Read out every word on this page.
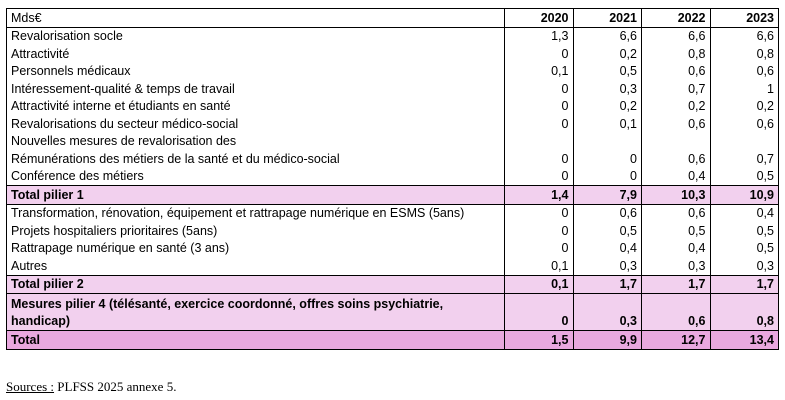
Mds€	2020	2021	2022	2023
Revalorisation socle	1,3	6,6	6,6	6,6
Attractivité	0	0,2	0,8	0,8
Personnels médicaux	0,1	0,5	0,6	0,6
Intéressement-qualité & temps de travail	0	0,3	0,7	1
Attractivité interne et étudiants en santé	0	0,2	0,2	0,2
Revalorisations du secteur médico-social	0	0,1	0,6	0,6
Nouvelles mesures de revalorisation des				
Rémunérations des métiers de la santé et du médico-social	0	0	0,6	0,7
Conférence des métiers	0	0	0,4	0,5
Total pilier 1	1,4	7,9	10,3	10,9
Transformation, rénovation, équipement et rattrapage numérique en ESMS (5ans)	0	0,6	0,6	0,4
Projets hospitaliers prioritaires (5ans)	0	0,5	0,5	0,5
Rattrapage numérique en santé (3 ans)	0	0,4	0,4	0,5
Autres	0,1	0,3	0,3	0,3
Total pilier 2	0,1	1,7	1,7	1,7
Mesures pilier 4 (télésanté, exercice coordonné, offres soins psychiatrie, handicap)	0	0,3	0,6	0,8
Total	1,5	9,9	12,7	13,4
Sources : PLFSS 2025 annexe 5.
